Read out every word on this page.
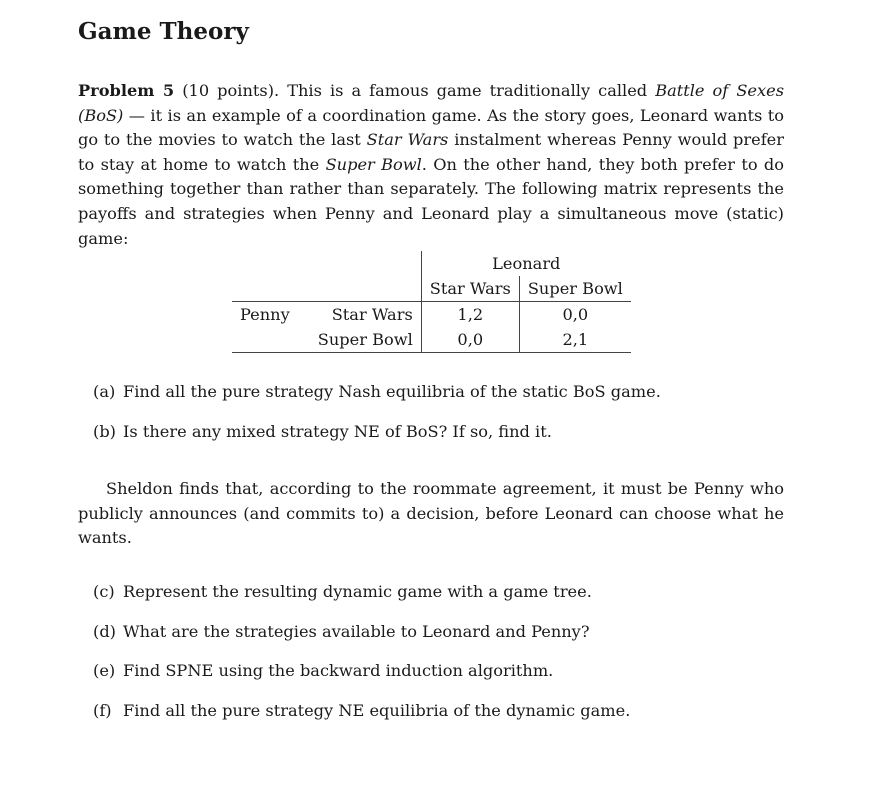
Game Theory

Problem 5 (10 points). This is a famous game traditionally called Battle of Sexes (BoS) — it is an example of a coordination game. As the story goes, Leonard wants to go to the movies to watch the last Star Wars instalment whereas Penny would prefer to stay at home to watch the Super Bowl. On the other hand, they both prefer to do something together than rather than separately. The following matrix represents the payoffs and strategies when Penny and Leonard play a simultaneous move (static) game:

		Leonard	
		Star Wars	Super Bowl
Penny	Star Wars	1,2	0,0
	Super Bowl	0,0	2,1

(a) Find all the pure strategy Nash equilibria of the static BoS game.

(b) Is there any mixed strategy NE of BoS? If so, find it.

Sheldon finds that, according to the roommate agreement, it must be Penny who publicly announces (and commits to) a decision, before Leonard can choose what he wants.

(c) Represent the resulting dynamic game with a game tree.

(d) What are the strategies available to Leonard and Penny?

(e) Find SPNE using the backward induction algorithm.

(f) Find all the pure strategy NE equilibria of the dynamic game.
